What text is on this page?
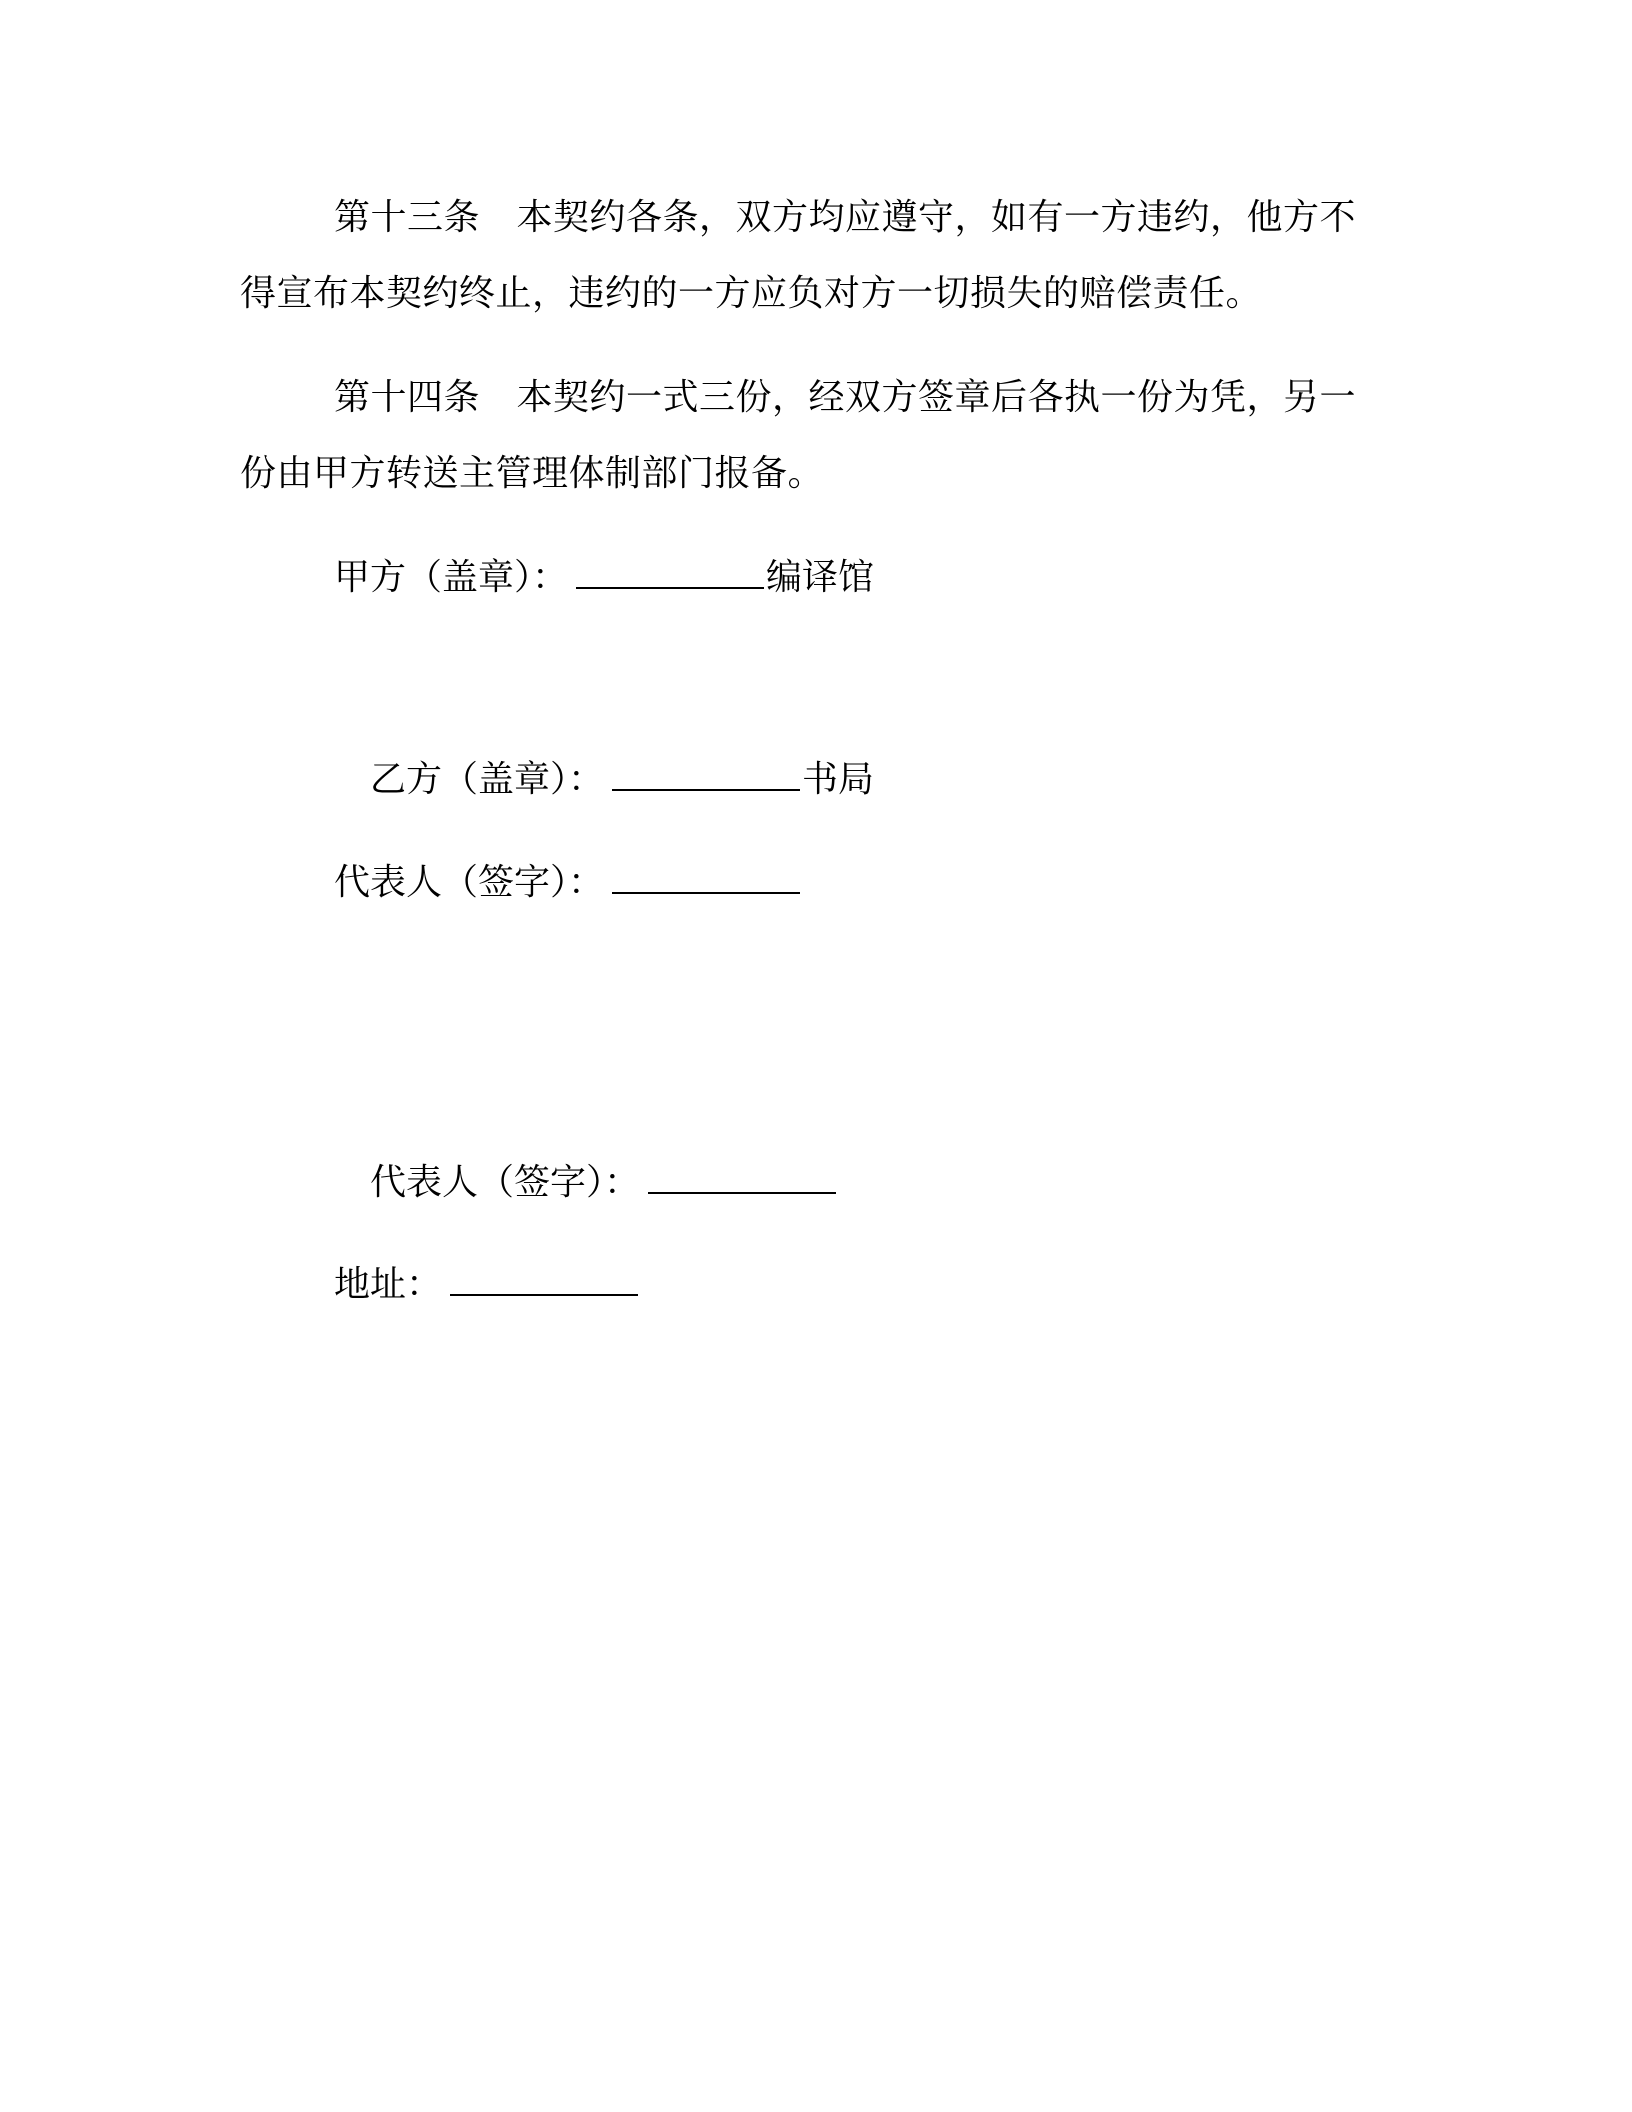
第十三条　 本契约各条，双方均应遵守，如有一方违约，他方不得宣布本契约终止，违约的一方应负对方一切损失的赔偿责任。

第十四条　 本契约一式三份，经双方签章后各执一份为凭，另一份由甲方转送主管理体制部门报备。

甲方（盖章）：	编译馆
乙方（盖章）：	书局
代表人（签字）：
代表人（签字）：
地址：
